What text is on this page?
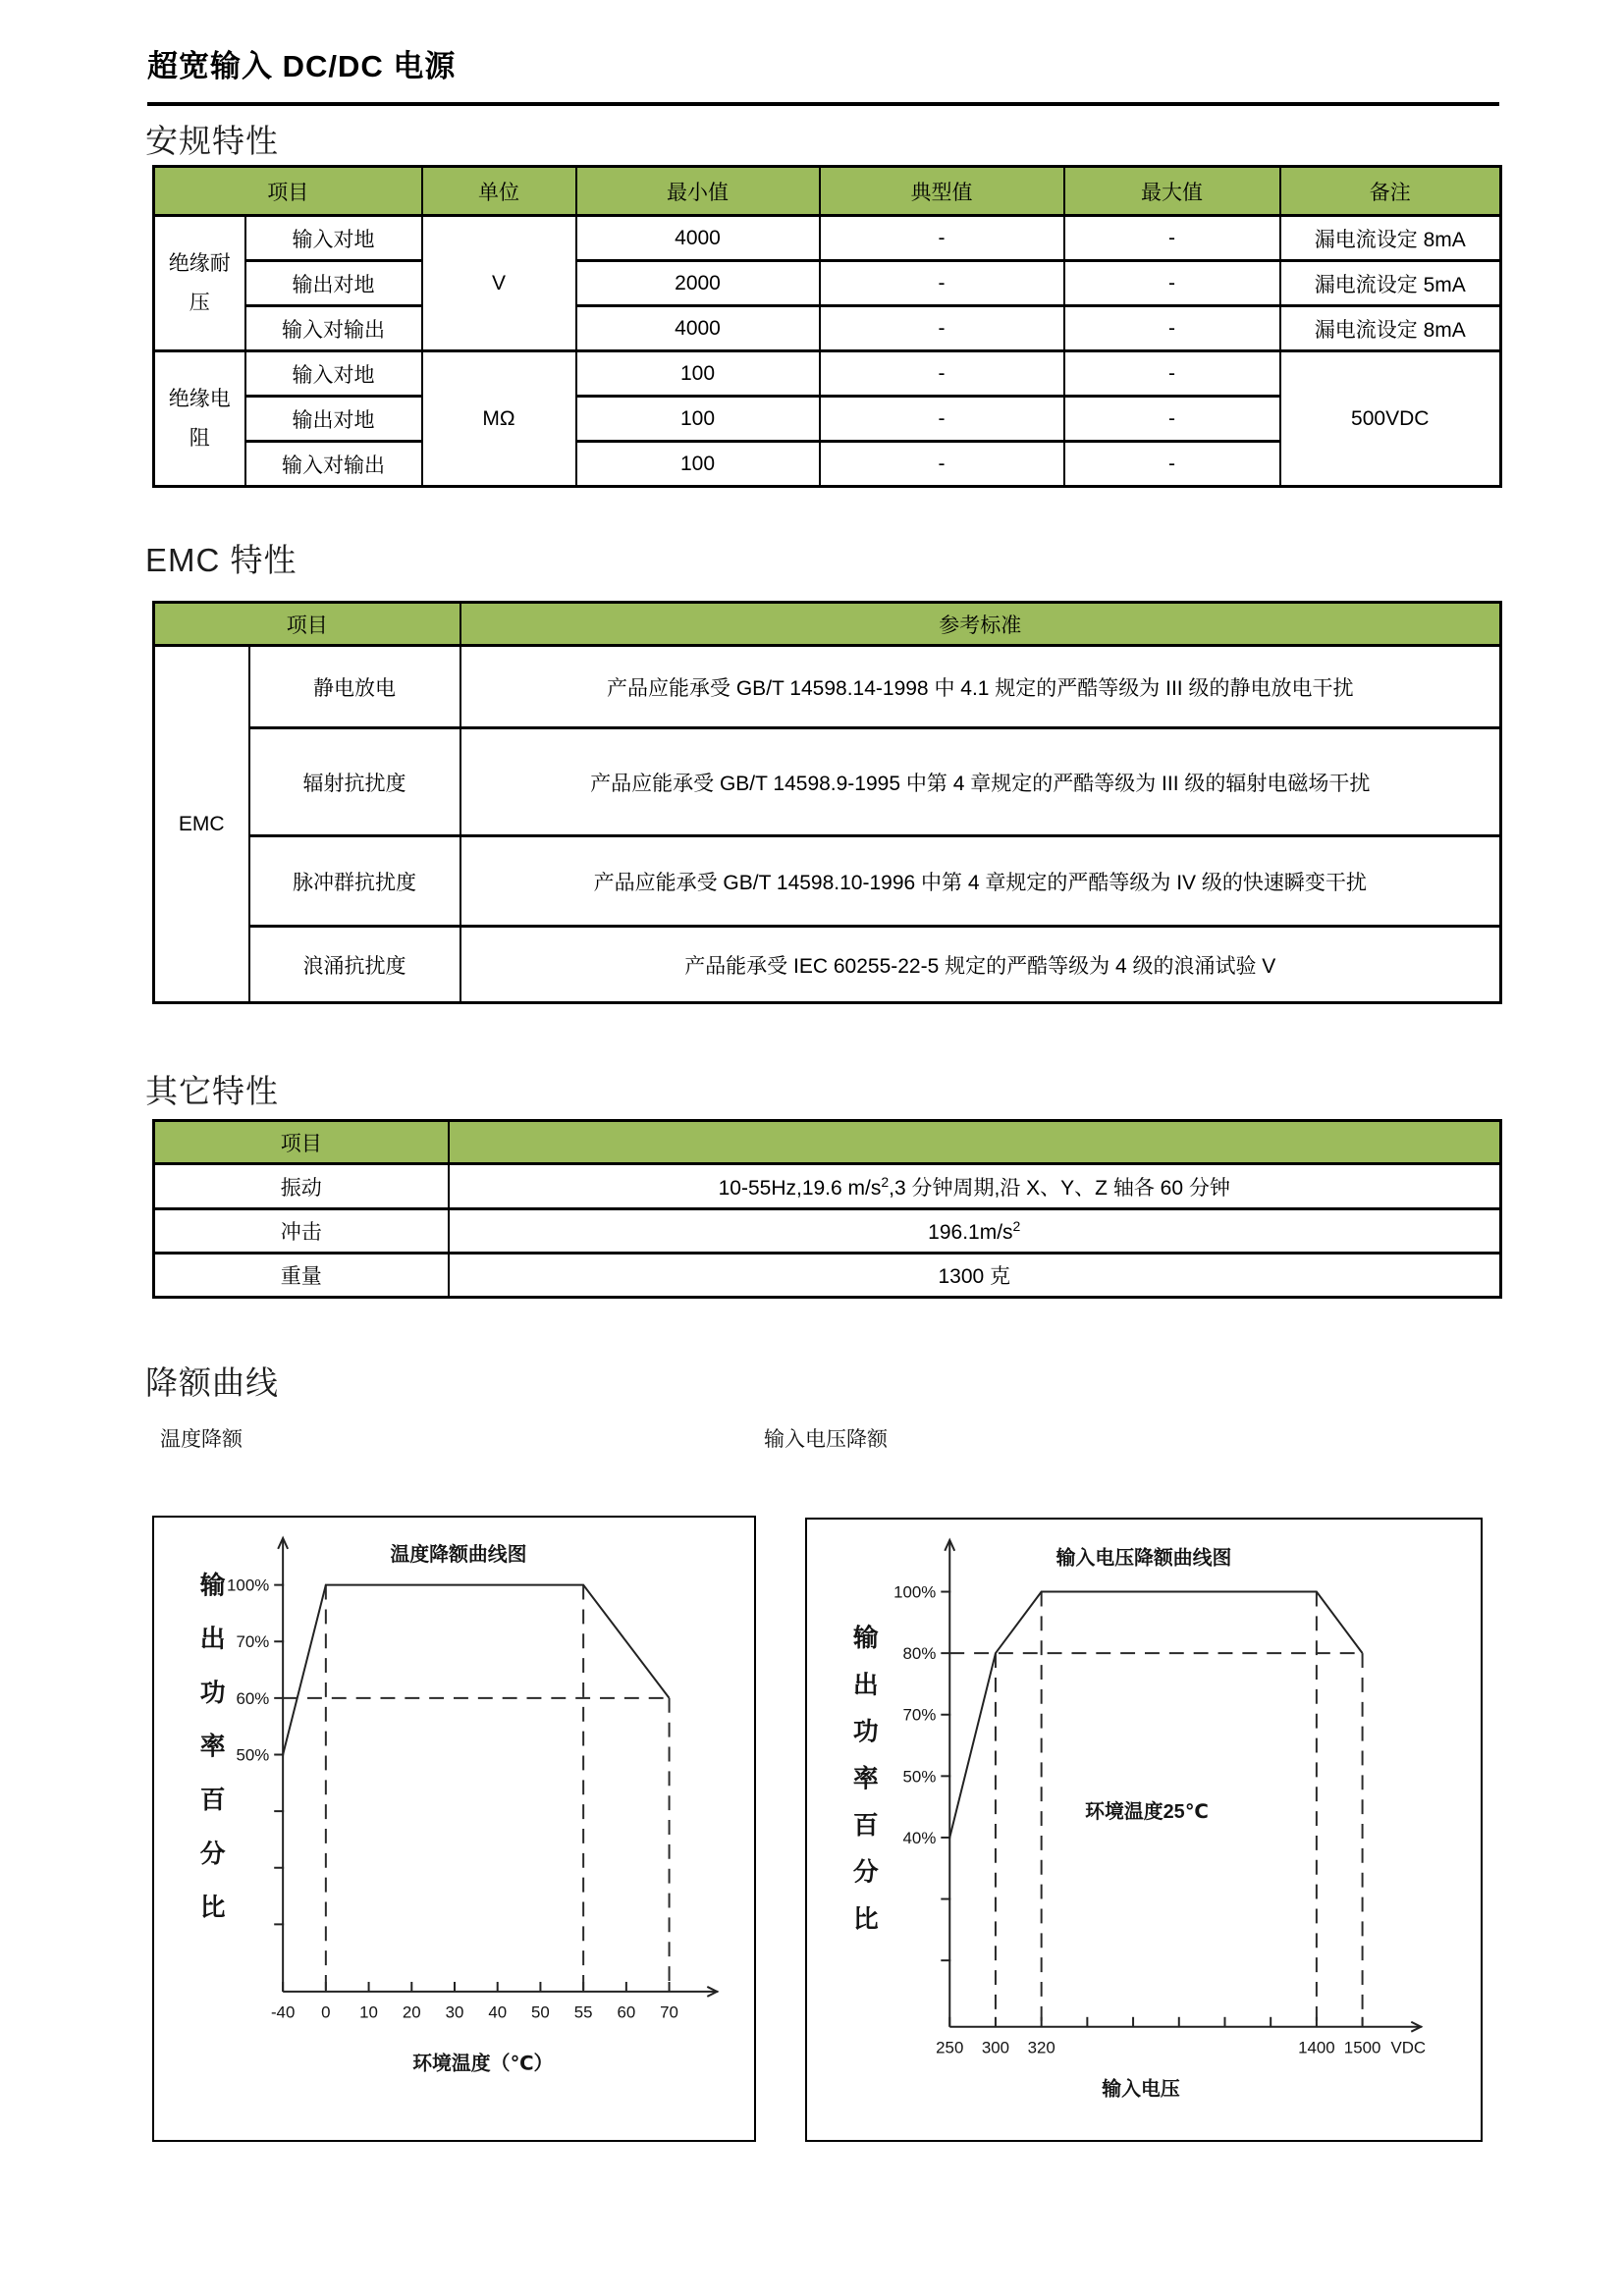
超宽输入 DC/DC 电源
安规特性
项目		单位	最小值	典型值	最大值	备注
绝缘耐压	输入对地	V	4000	-	-	漏电流设定 8mA
	输出对地		2000	-	-	漏电流设定 5mA
	输入对输出		4000	-	-	漏电流设定 8mA
绝缘电阻	输入对地	MΩ	100	-	-	500VDC
	输出对地		100	-	-	
	输入对输出		100	-	-	
EMC 特性
项目		参考标准
EMC	静电放电	产品应能承受 GB/T 14598.14-1998 中 4.1 规定的严酷等级为 III 级的静电放电干扰
	辐射抗扰度	产品应能承受 GB/T 14598.9-1995 中第 4 章规定的严酷等级为 III 级的辐射电磁场干扰
	脉冲群抗扰度	产品应能承受 GB/T 14598.10-1996 中第 4 章规定的严酷等级为 IV 级的快速瞬变干扰
	浪涌抗扰度	产品能承受 IEC 60255-22-5 规定的严酷等级为 4 级的浪涌试验 V
其它特性
项目	
振动	10-55Hz,19.6 $m/s^2,3$ 分钟周期,沿 X、Y、Z 轴各 60 分钟
冲击	$196.1m/s^2$
重量	1300 克
降额曲线
温度降额	输入电压降额
100%
70%
60%
50%
-40 0 10 20 30 40 50 55 60 70
温度降额曲线图
输
出
功
率
百
分
比
环境温度（℃）
100%
80%
70%
50%
40%
250 300 320	1400 1500 VDC
输入电压降额曲线图
输
出
功
率
百
分
比
输入电压
环境温度25℃
